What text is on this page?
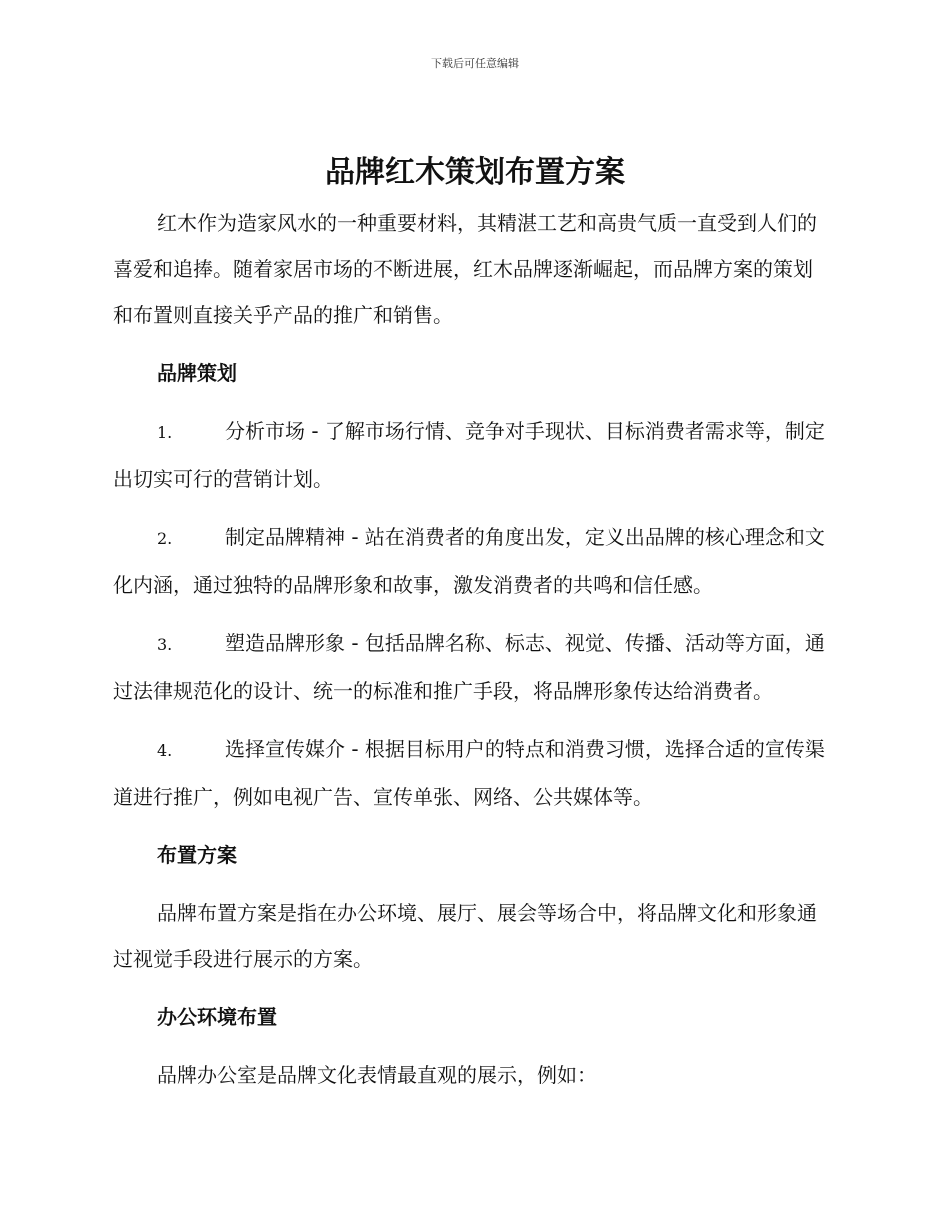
下载后可任意编辑
品牌红木策划布置方案

红木作为造家风水的一种重要材料，其精湛工艺和高贵气质一直受到人们的喜爱和追捧。随着家居市场的不断进展，红木品牌逐渐崛起，而品牌方案的策划和布置则直接关乎产品的推广和销售。

品牌策划

1.	分析市场 - 了解市场行情、竞争对手现状、目标消费者需求等，制定出切实可行的营销计划。

2.	制定品牌精神 - 站在消费者的角度出发，定义出品牌的核心理念和文化内涵，通过独特的品牌形象和故事，激发消费者的共鸣和信任感。

3.	塑造品牌形象 - 包括品牌名称、标志、视觉、传播、活动等方面，通过法律规范化的设计、统一的标准和推广手段，将品牌形象传达给消费者。

4.	选择宣传媒介 - 根据目标用户的特点和消费习惯，选择合适的宣传渠道进行推广，例如电视广告、宣传单张、网络、公共媒体等。

布置方案

品牌布置方案是指在办公环境、展厅、展会等场合中，将品牌文化和形象通过视觉手段进行展示的方案。

办公环境布置

品牌办公室是品牌文化表情最直观的展示，例如：
